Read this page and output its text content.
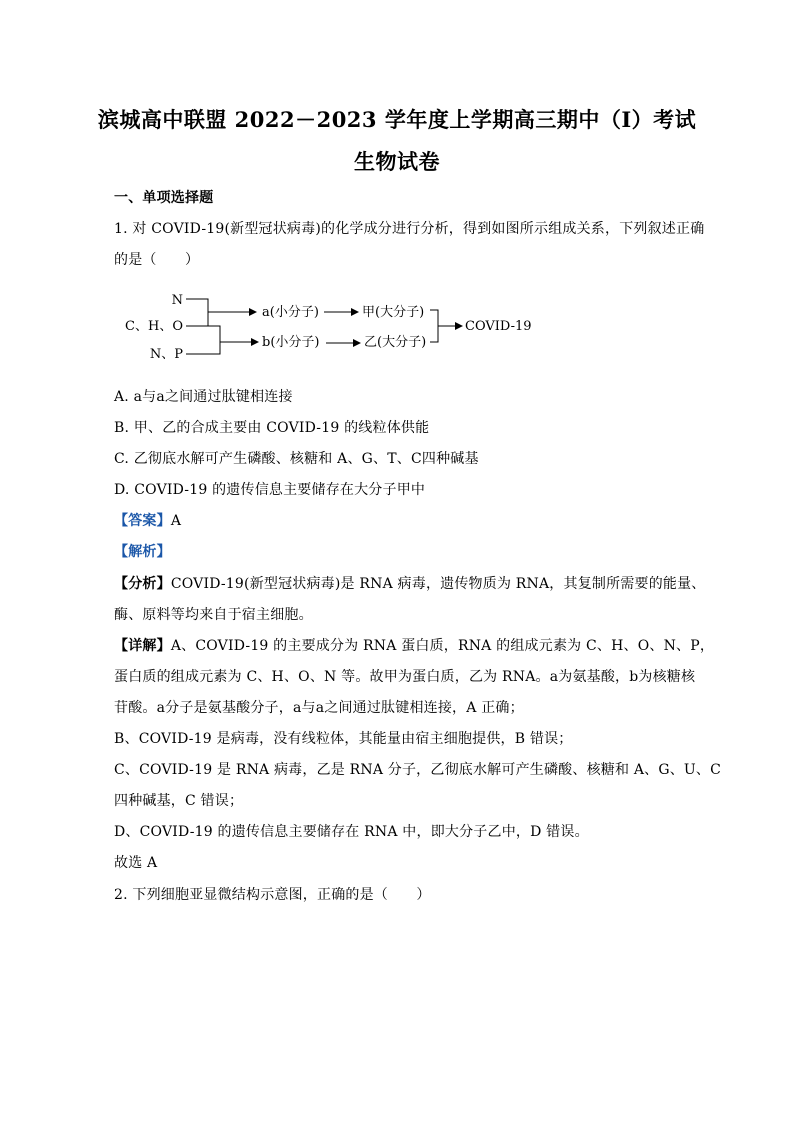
滨城高中联盟 2022－2023 学年度上学期高三期中（I）考试
生物试卷
一、单项选择题
1. 对 COVID-19(新型冠状病毒)的化学成分进行分析，得到如图所示组成关系，下列叙述正确
的是（　　）
N
C、H、O
N、P
a(小分子)
b(小分子)
甲(大分子)
乙(大分子)
COVID-19
A. a与a之间通过肽键相连接
B. 甲、乙的合成主要由 COVID-19 的线粒体供能
C. 乙彻底水解可产生磷酸、核糖和 A、G、T、C四种碱基
D. COVID-19 的遗传信息主要储存在大分子甲中
【答案】A
【解析】
【分析】COVID-19(新型冠状病毒)是 RNA 病毒，遗传物质为 RNA，其复制所需要的能量、
酶、原料等均来自于宿主细胞。
【详解】A、COVID-19 的主要成分为 RNA 蛋白质，RNA 的组成元素为 C、H、O、N、P，
蛋白质的组成元素为 C、H、O、N 等。故甲为蛋白质，乙为 RNA。a为氨基酸，b为核糖核
苷酸。a分子是氨基酸分子，a与a之间通过肽键相连接，A 正确；
B、COVID-19 是病毒，没有线粒体，其能量由宿主细胞提供，B 错误；
C、COVID-19 是 RNA 病毒，乙是 RNA 分子，乙彻底水解可产生磷酸、核糖和 A、G、U、C
四种碱基，C 错误；
D、COVID-19 的遗传信息主要储存在 RNA 中，即大分子乙中，D 错误。
故选 A
2. 下列细胞亚显微结构示意图，正确的是（　　）
